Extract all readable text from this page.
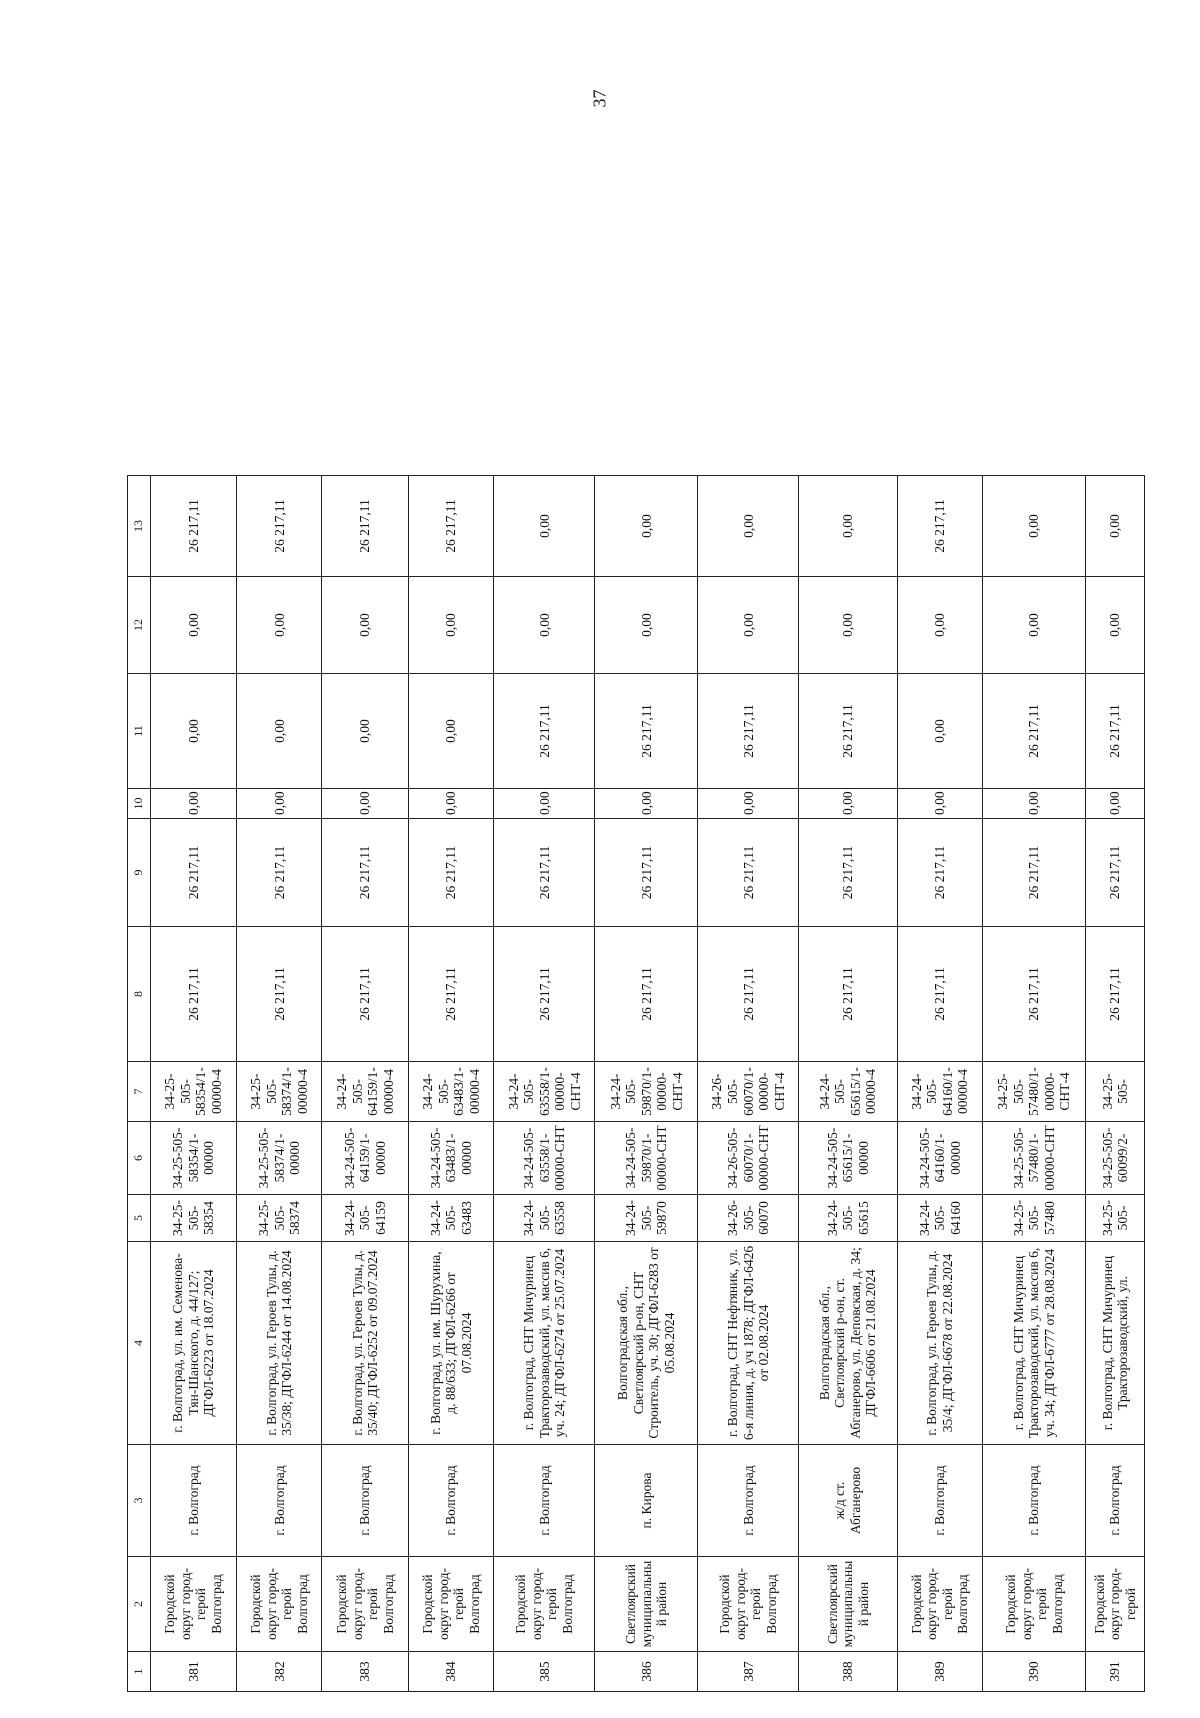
37
1	2	3	4	5	6	7	8	9	10	11	12	13
381	Городской округ город-герой Волгоград	г. Волгоград	г. Волгоград, ул. им. Семенова-Тян-Шанского, д. 44/127; ДГФЛ-6223 от 18.07.2024	34-25-505-58354	34-25-505-58354/1-00000	34-25-505-58354/1-00000-4	26 217,11	26 217,11	0,00	0,00	0,00	26 217,11
382	Городской округ город-герой Волгоград	г. Волгоград	г. Волгоград, ул. Героев Тулы, д. 35/38; ДГФЛ-6244 от 14.08.2024	34-25-505-58374	34-25-505-58374/1-00000	34-25-505-58374/1-00000-4	26 217,11	26 217,11	0,00	0,00	0,00	26 217,11
383	Городской округ город-герой Волгоград	г. Волгоград	г. Волгоград, ул. Героев Тулы, д. 35/40; ДГФЛ-6252 от 09.07.2024	34-24-505-64159	34-24-505-64159/1-00000	34-24-505-64159/1-00000-4	26 217,11	26 217,11	0,00	0,00	0,00	26 217,11
384	Городской округ город-герой Волгоград	г. Волгоград	г. Волгоград, ул. им. Шурухина, д. 88/633; ДГФЛ-6266 от 07.08.2024	34-24-505-63483	34-24-505-63483/1-00000	34-24-505-63483/1-00000-4	26 217,11	26 217,11	0,00	0,00	0,00	26 217,11
385	Городской округ город-герой Волгоград	г. Волгоград	г. Волгоград, СНТ Мичуринец Тракторозаводский, ул. массив 6, уч. 24; ДГФЛ-6274 от 25.07.2024	34-24-505-63558	34-24-505-63558/1-00000-СНТ	34-24-505-63558/1-00000-СНТ-4	26 217,11	26 217,11	0,00	26 217,11	0,00	0,00
386	Светлоярский муниципальный район	п. Кирова	Волгоградская обл., Светлоярский р-он, СНТ Строитель, уч. 30; ДГФЛ-6283 от 05.08.2024	34-24-505-59870	34-24-505-59870/1-00000-СНТ	34-24-505-59870/1-00000-СНТ-4	26 217,11	26 217,11	0,00	26 217,11	0,00	0,00
387	Городской округ город-герой Волгоград	г. Волгоград	г. Волгоград, СНТ Нефтяник, ул. 6-я линия, д. уч 1878; ДГФЛ-6426 от 02.08.2024	34-26-505-60070	34-26-505-60070/1-00000-СНТ	34-26-505-60070/1-00000-СНТ-4	26 217,11	26 217,11	0,00	26 217,11	0,00	0,00
388	Светлоярский муниципальный район	ж/д ст. Абганерово	Волгоградская обл., Светлоярский р-он, ст. Абганерово, ул. Деповская, д. 34; ДГФЛ-6606 от 21.08.2024	34-24-505-65615	34-24-505-65615/1-00000	34-24-505-65615/1-00000-4	26 217,11	26 217,11	0,00	26 217,11	0,00	0,00
389	Городской округ город-герой Волгоград	г. Волгоград	г. Волгоград, ул. Героев Тулы, д. 35/4; ДГФЛ-6678 от 22.08.2024	34-24-505-64160	34-24-505-64160/1-00000	34-24-505-64160/1-00000-4	26 217,11	26 217,11	0,00	0,00	0,00	26 217,11
390	Городской округ город-герой Волгоград	г. Волгоград	г. Волгоград, СНТ Мичуринец Тракторозаводский, ул. массив 6, уч. 34; ДГФЛ-6777 от 28.08.2024	34-25-505-57480	34-25-505-57480/1-00000-СНТ	34-25-505-57480/1-00000-СНТ-4	26 217,11	26 217,11	0,00	26 217,11	0,00	0,00
391	Городской округ город-герой	г. Волгоград	г. Волгоград, СНТ Мичуринец Тракторозаводский, ул.	34-25-505-	34-25-505-60099/2-	34-25-505-	26 217,11	26 217,11	0,00	26 217,11	0,00	0,00
